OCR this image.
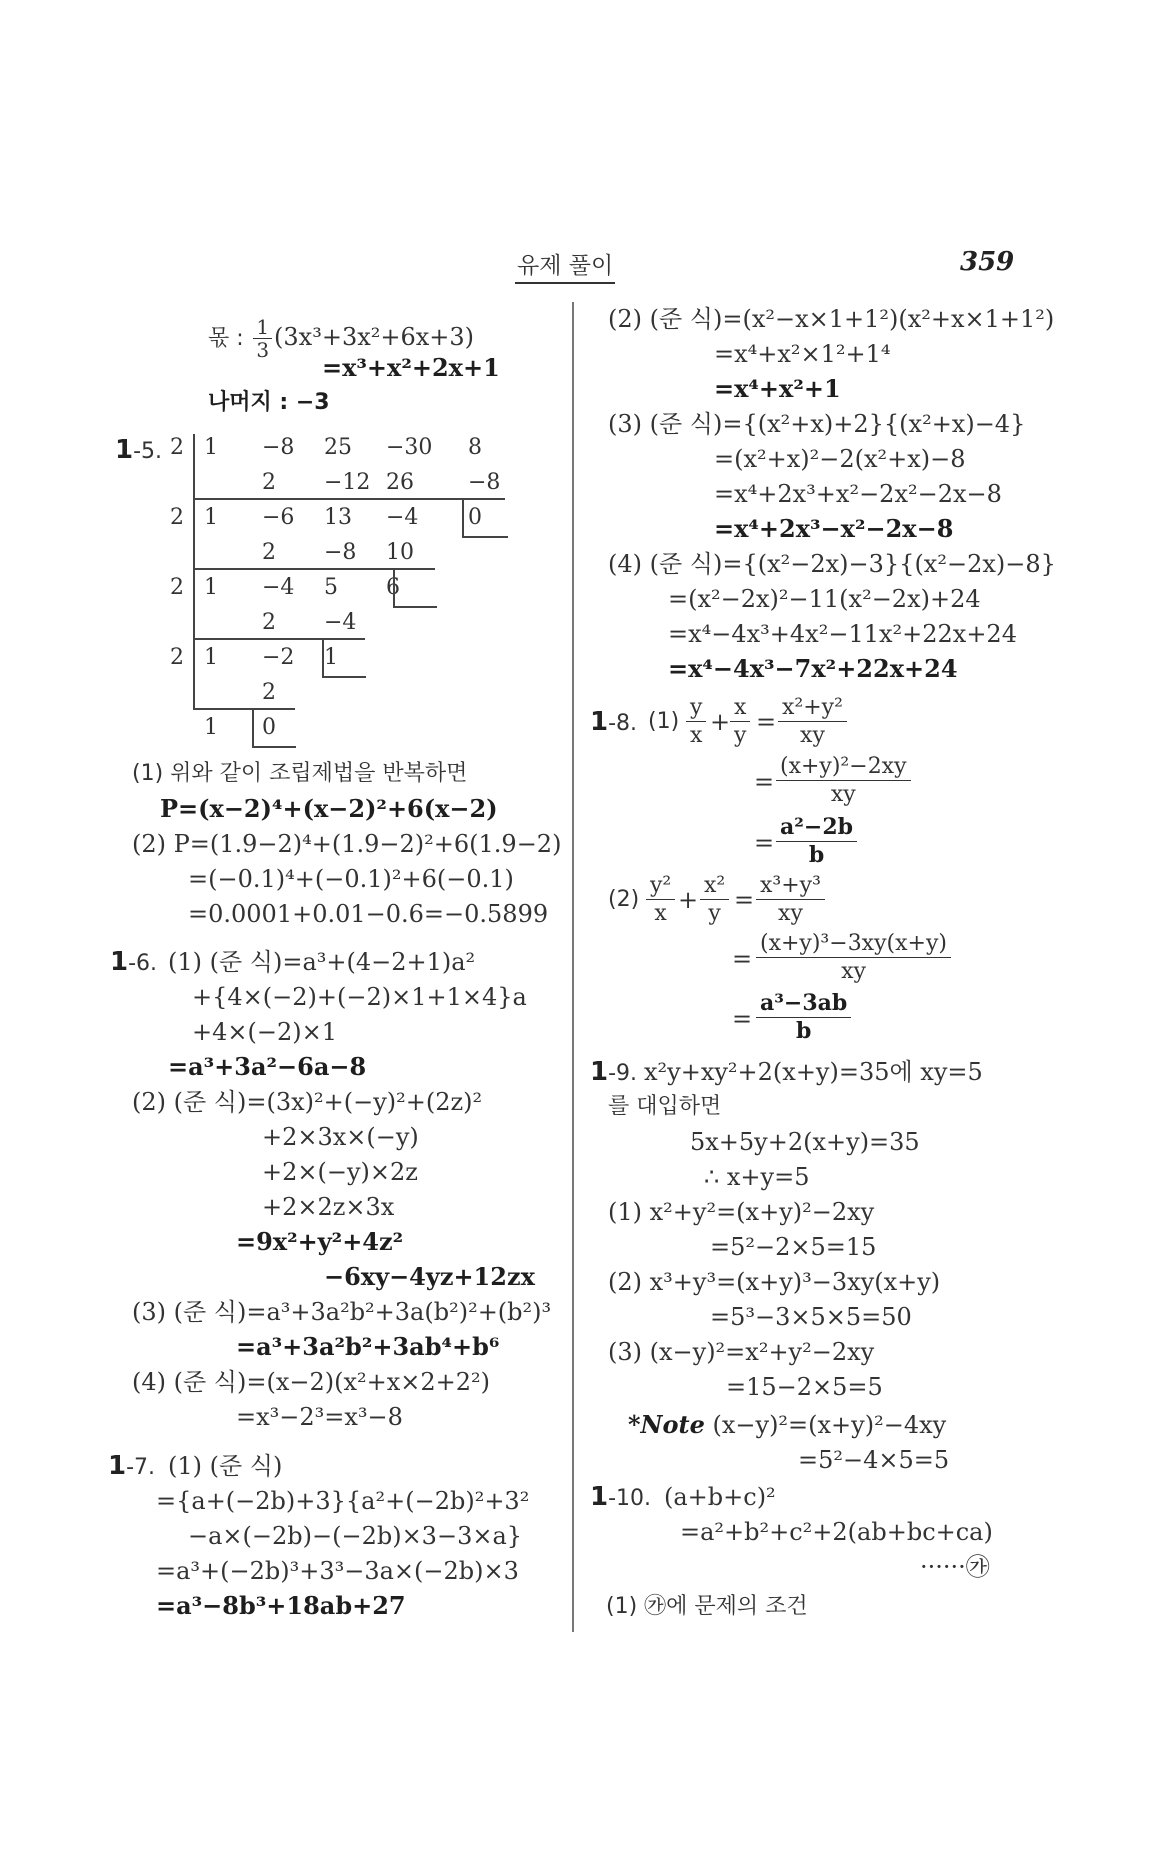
유제 풀이	359
몫 : $\frac{1}{3} (3x^3+3x^2+6x+3)$
=x³+x²+2x+1
나머지 : −3
1-5. 2 1 −8 25 −30 8
2 −12 26 −8
2 1 −6 13 −4 0
2 −8 10
2 1 −4 5 6
2 −4
2 1 −2 1
2
1 0
(1) 위와 같이 조립제법을 반복하면
P=(x−2)⁴+(x−2)²+6(x−2)
(2) P=(1.9−2)⁴+(1.9−2)²+6(1.9−2)
=(−0.1)⁴+(−0.1)²+6(−0.1)
=0.0001+0.01−0.6=−0.5899
1-6. (1) (준 식)=a³+(4−2+1)a²
+{4×(−2)+(−2)×1+1×4}a
+4×(−2)×1
=a³+3a²−6a−8
(2) (준 식)=(3x)²+(−y)²+(2z)²
+2×3x×(−y)
+2×(−y)×2z
+2×2z×3x
=9x²+y²+4z²
−6xy−4yz+12zx
(3) (준 식)=a³+3a²b²+3a(b²)²+(b²)³
=a³+3a²b²+3ab⁴+b⁶
(4) (준 식)=(x−2)(x²+x×2+2²)
=x³−2³=x³−8
1-7. (1) (준 식)
={a+(−2b)+3}{a²+(−2b)²+3²
−a×(−2b)−(−2b)×3−3×a}
=a³+(−2b)³+3³−3a×(−2b)×3
=a³−8b³+18ab+27
(2) (준 식)=(x²−x×1+1²)(x²+x×1+1²)
=x⁴+x²×1²+1⁴
=x⁴+x²+1
(3) (준 식)={(x²+x)+2}{(x²+x)−4}
=(x²+x)²−2(x²+x)−8
=x⁴+2x³+x²−2x²−2x−8
=x⁴+2x³−x²−2x−8
(4) (준 식)={(x²−2x)−3}{(x²−2x)−8}
=(x²−2x)²−11(x²−2x)+24
=x⁴−4x³+4x²−11x²+22x+24
=x⁴−4x³−7x²+22x+24
1-8. (1)
y
x +
x
y =
x²+y²
xy
=
(x+y)²−2xy
xy
=
a²−2b
b
(2)
y²
x +
x²
y =
x³+y³
xy
=
(x+y)³−3xy(x+y)
xy
=
a³−3ab
b
1-9. x²y+xy²+2(x+y)=35에 xy=5
를 대입하면
5x+5y+2(x+y)=35
∴ x+y=5
(1) x²+y²=(x+y)²−2xy
=5²−2×5=15
(2) x³+y³=(x+y)³−3xy(x+y)
=5³−3×5×5=50
(3) (x−y)²=x²+y²−2xy
=15−2×5=5
*Note (x−y)²=(x+y)²−4xy
=5²−4×5=5
1-10. (a+b+c)²
=a²+b²+c²+2(ab+bc+ca)
······㉮
(1) ㉮에 문제의 조건
